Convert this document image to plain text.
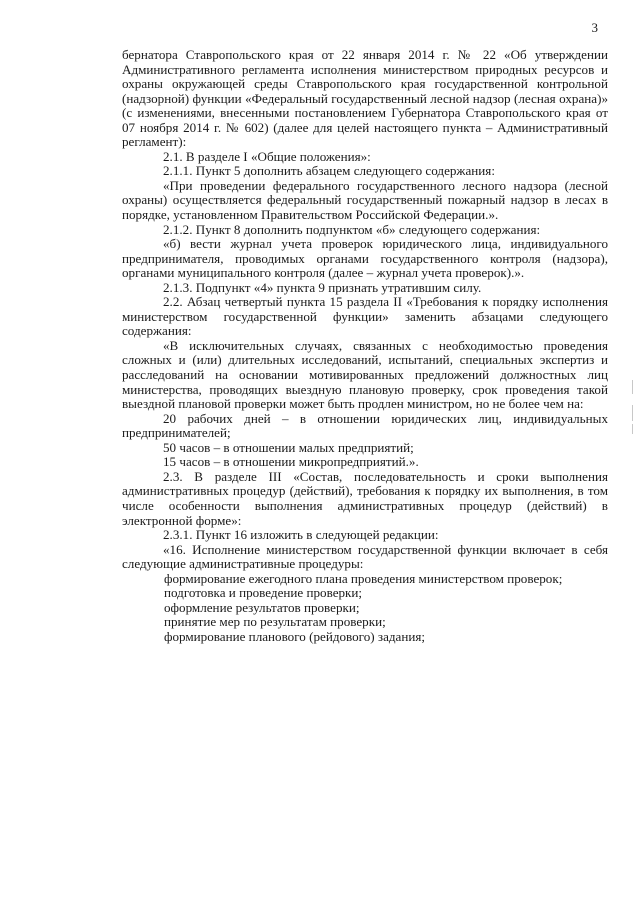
3

бернатора Ставропольского края от 22 января 2014 г. № 22 «Об утверждении Административного регламента исполнения министерством природных ресурсов и охраны окружающей среды Ставропольского края государственной контрольной (надзорной) функции «Федеральный государственный лесной надзор (лесная охрана)» (с изменениями, внесенными постановлением Губернатора Ставропольского края от 07 ноября 2014 г. № 602) (далее для целей настоящего пункта – Административный регламент):

2.1. В разделе I «Общие положения»:

2.1.1. Пункт 5 дополнить абзацем следующего содержания:

«При проведении федерального государственного лесного надзора (лесной охраны) осуществляется федеральный государственный пожарный надзор в лесах в порядке, установленном Правительством Российской Федерации.».

2.1.2. Пункт 8 дополнить подпунктом «б» следующего содержания:

«б) вести журнал учета проверок юридического лица, индивидуального предпринимателя, проводимых органами государственного контроля (надзора), органами муниципального контроля (далее – журнал учета проверок).».

2.1.3. Подпункт «4» пункта 9 признать утратившим силу.

2.2. Абзац четвертый пункта 15 раздела II «Требования к порядку исполнения министерством государственной функции» заменить абзацами следующего содержания:

«В исключительных случаях, связанных с необходимостью проведения сложных и (или) длительных исследований, испытаний, специальных экспертиз и расследований на основании мотивированных предложений должностных лиц министерства, проводящих выездную плановую проверку, срок проведения такой выездной плановой проверки может быть продлен министром, но не более чем на:

20 рабочих дней – в отношении юридических лиц, индивидуальных предпринимателей;

50 часов – в отношении малых предприятий;

15 часов – в отношении микропредприятий.».

2.3. В разделе III «Состав, последовательность и сроки выполнения административных процедур (действий), требования к порядку их выполнения, в том числе особенности выполнения административных процедур (действий) в электронной форме»:

2.3.1. Пункт 16 изложить в следующей редакции:

«16. Исполнение министерством государственной функции включает в себя следующие административные процедуры:

формирование ежегодного плана проведения министерством проверок;

подготовка и проведение проверки;

оформление результатов проверки;

принятие мер по результатам проверки;

формирование планового (рейдового) задания;
